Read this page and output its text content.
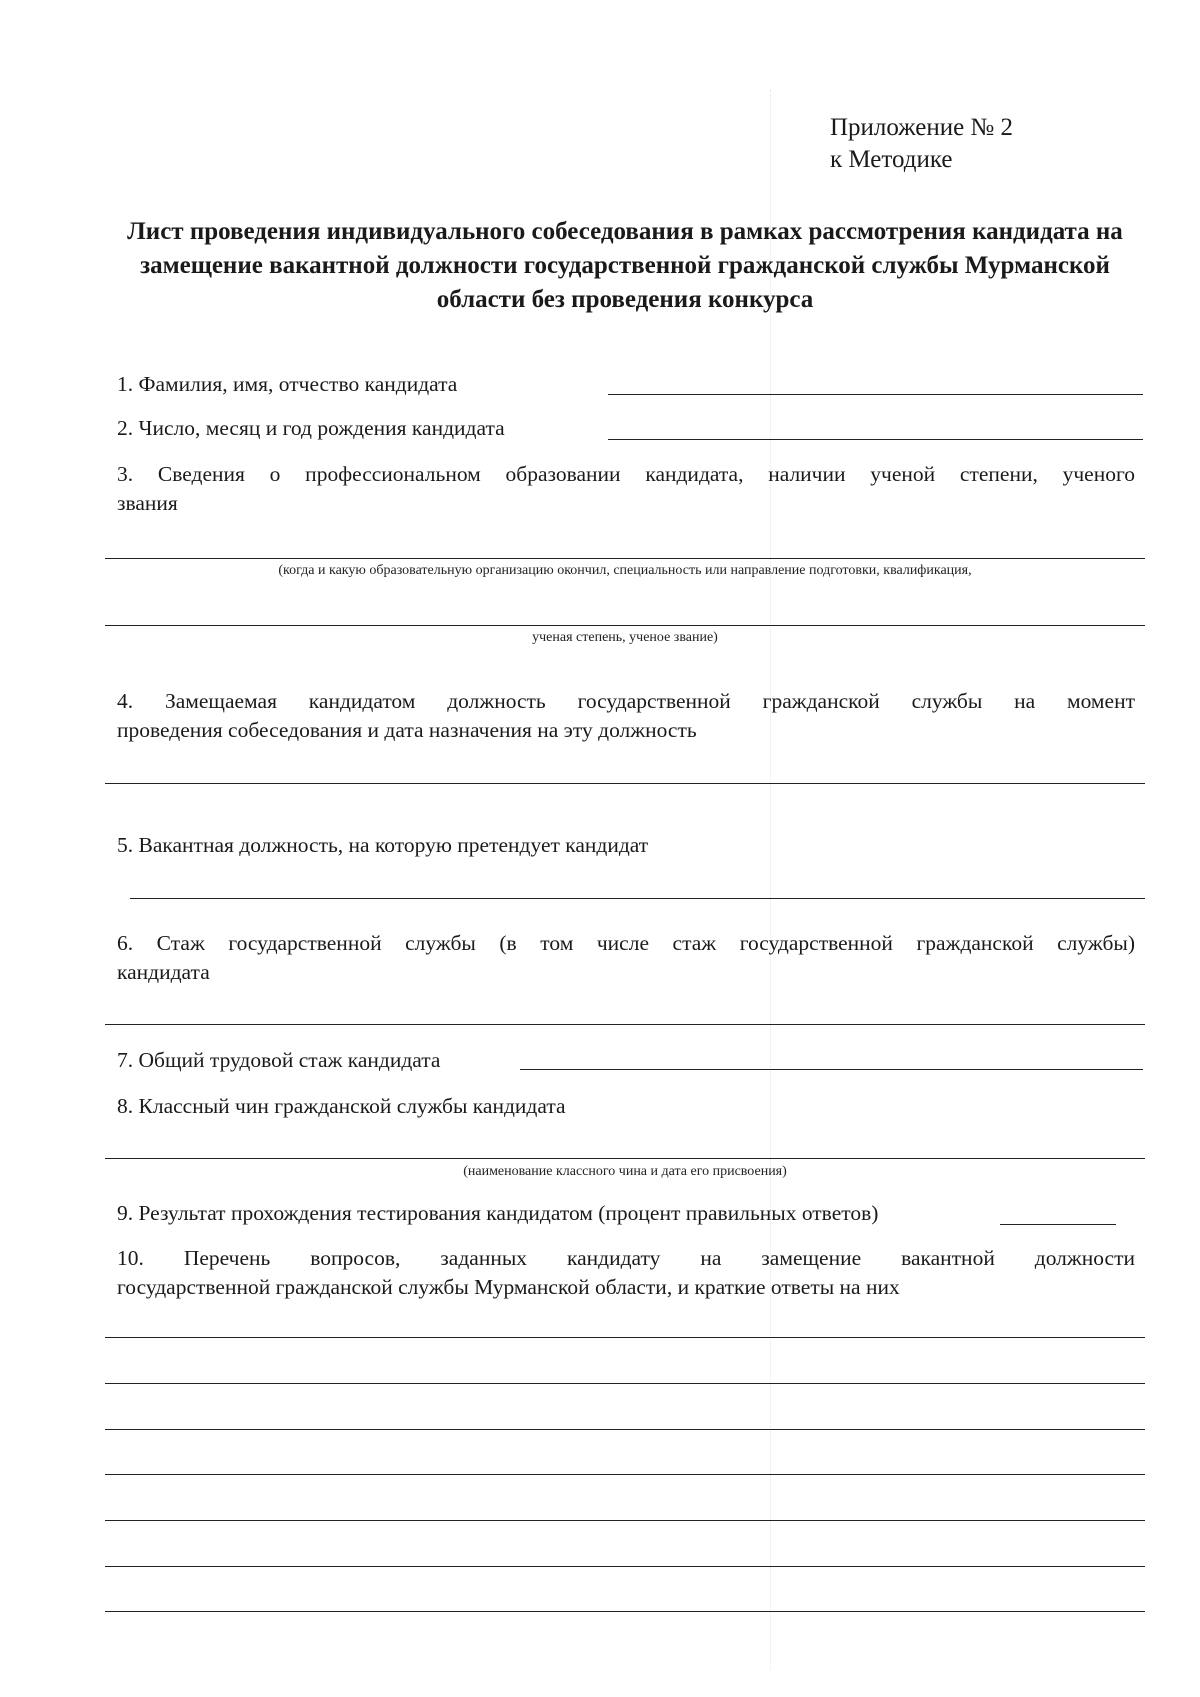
Приложение № 2
к Методике
Лист проведения индивидуального собеседования в рамках рассмотрения кандидата на замещение вакантной должности государственной гражданской службы Мурманской области без проведения конкурса
1. Фамилия, имя, отчество кандидата
2. Число, месяц и год рождения кандидата
3. Сведения о профессиональном образовании кандидата, наличии ученой степени, ученого
звания
(когда и какую образовательную организацию окончил, специальность или направление подготовки, квалификация,
ученая степень, ученое звание)
4. Замещаемая кандидатом должность государственной гражданской службы на момент
проведения собеседования и дата назначения на эту должность
5. Вакантная должность, на которую претендует кандидат
6. Стаж государственной службы (в том числе стаж государственной гражданской службы)
кандидата
7. Общий трудовой стаж кандидата
8. Классный чин гражданской службы кандидата
(наименование классного чина и дата его присвоения)
9. Результат прохождения тестирования кандидатом (процент правильных ответов)
10. Перечень вопросов, заданных кандидату на замещение вакантной должности
государственной гражданской службы Мурманской области, и краткие ответы на них
